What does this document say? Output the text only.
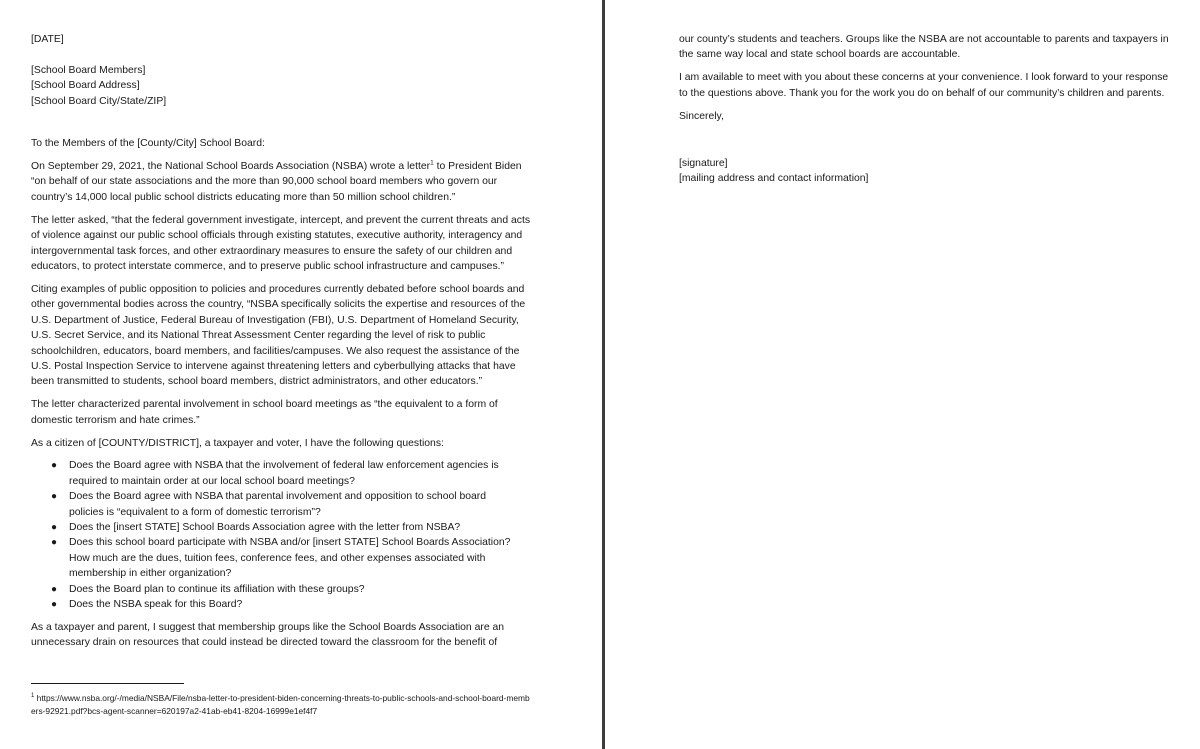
[DATE]

[School Board Members]
[School Board Address]
[School Board City/State/ZIP]

To the Members of the [County/City] School Board:

On September 29, 2021, the National School Boards Association (NSBA) wrote a letter$^1$ to President Biden “on behalf of our state associations and the more than 90,000 school board members who govern our country’s 14,000 local public school districts educating more than 50 million school children.”

The letter asked, “that the federal government investigate, intercept, and prevent the current threats and acts of violence against our public school officials through existing statutes, executive authority, interagency and intergovernmental task forces, and other extraordinary measures to ensure the safety of our children and educators, to protect interstate commerce, and to preserve public school infrastructure and campuses.”

Citing examples of public opposition to policies and procedures currently debated before school boards and other governmental bodies across the country, “NSBA specifically solicits the expertise and resources of the U.S. Department of Justice, Federal Bureau of Investigation (FBI), U.S. Department of Homeland Security, U.S. Secret Service, and its National Threat Assessment Center regarding the level of risk to public schoolchildren, educators, board members, and facilities/campuses. We also request the assistance of the U.S. Postal Inspection Service to intervene against threatening letters and cyberbullying attacks that have been transmitted to students, school board members, district administrators, and other educators.”

The letter characterized parental involvement in school board meetings as “the equivalent to a form of domestic terrorism and hate crimes.”

As a citizen of [COUNTY/DISTRICT], a taxpayer and voter, I have the following questions:

● Does the Board agree with NSBA that the involvement of federal law enforcement agencies is required to maintain order at our local school board meetings?
● Does the Board agree with NSBA that parental involvement and opposition to school board policies is “equivalent to a form of domestic terrorism”?
● Does the [insert STATE] School Boards Association agree with the letter from NSBA?
● Does this school board participate with NSBA and/or [insert STATE] School Boards Association? How much are the dues, tuition fees, conference fees, and other expenses associated with membership in either organization?
● Does the Board plan to continue its affiliation with these groups?
● Does the NSBA speak for this Board?

As a taxpayer and parent, I suggest that membership groups like the School Boards Association are an unnecessary drain on resources that could instead be directed toward the classroom for the benefit of

$^1$ https://www.nsba.org/-/media/NSBA/File/nsba-letter-to-president-biden-concerning-threats-to-public-schools-and-school-board-members-92921.pdf?bcs-agent-scanner=620197a2-41ab-eb41-8204-16999e1ef4f7

our county’s students and teachers. Groups like the NSBA are not accountable to parents and taxpayers in the same way local and state school boards are accountable.

I am available to meet with you about these concerns at your convenience. I look forward to your response to the questions above. Thank you for the work you do on behalf of our community’s children and parents.

Sincerely,

[signature]
[mailing address and contact information]
